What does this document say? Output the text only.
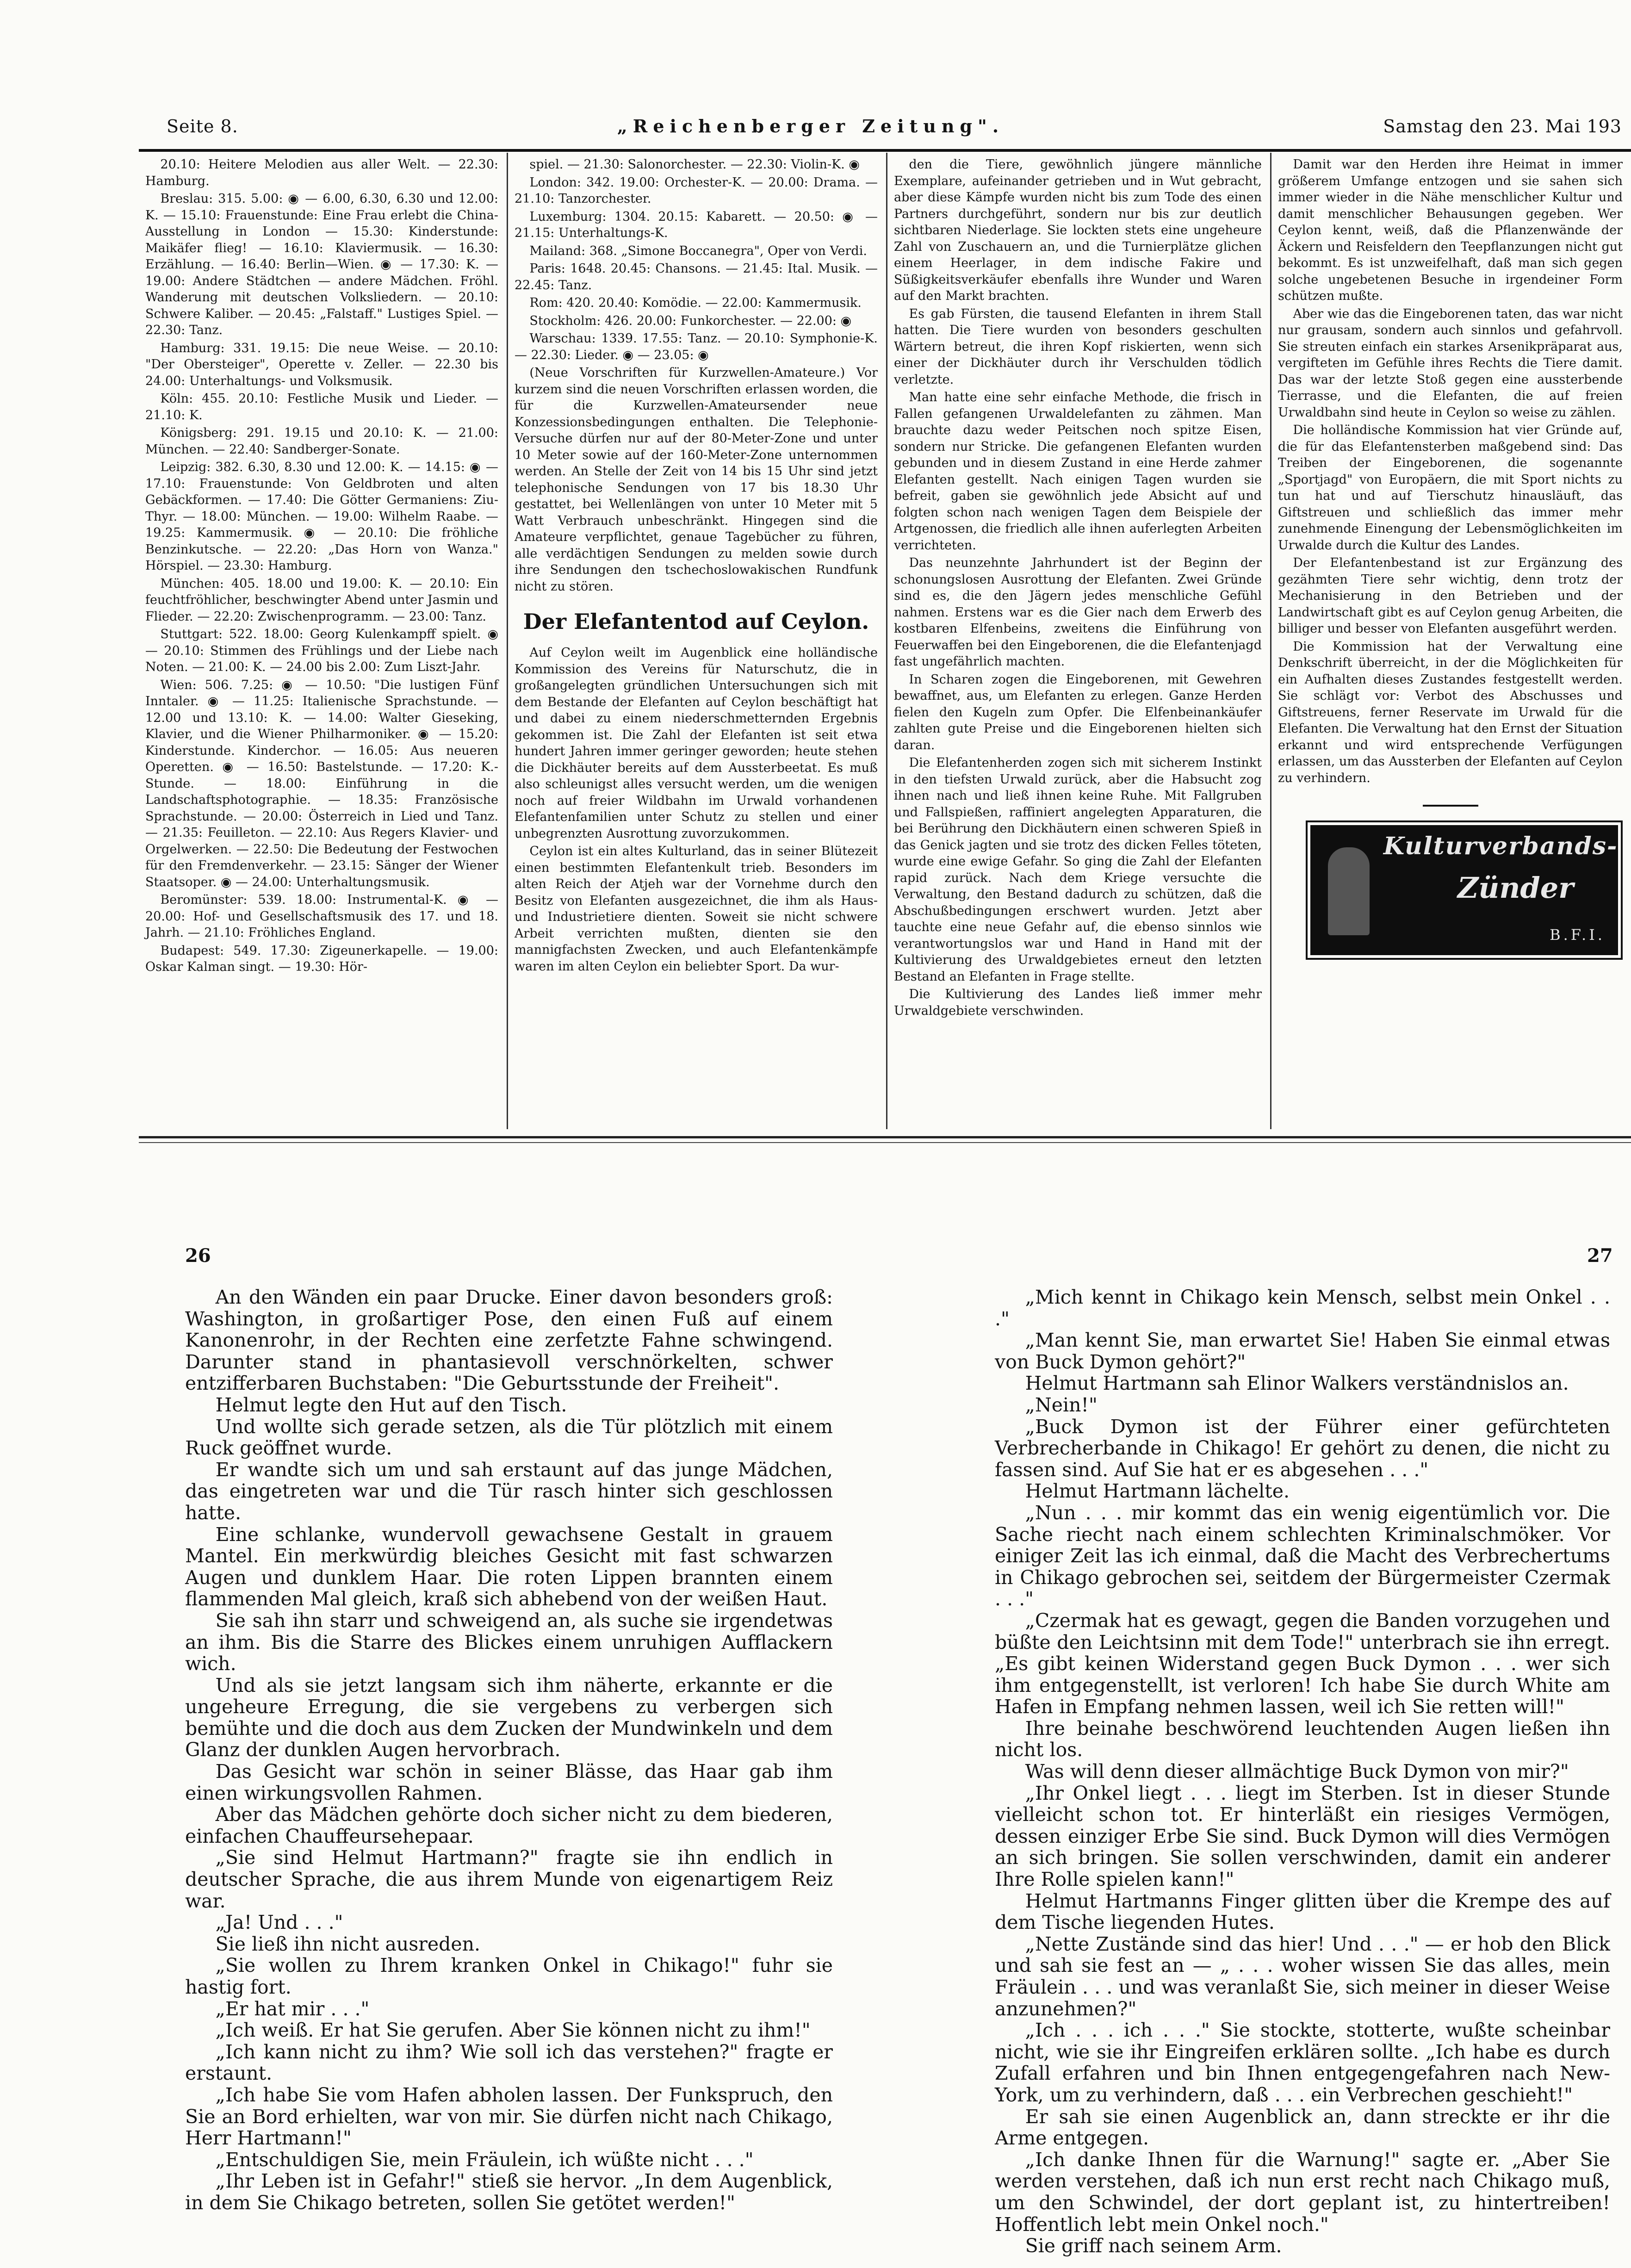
Seite 8.	„Reichenberger Zeitung".	Samstag den 23. Mai 193

20.10: Heitere Melodien aus aller Welt. — 22.30: Hamburg.

Breslau: 315. 5.00: ◉ — 6.00, 6.30, 6.30 und 12.00: K. — 15.10: Frauenstunde: Eine Frau erlebt die China-Ausstellung in London — 15.30: Kinderstunde: Maikäfer flieg! — 16.10: Klaviermusik. — 16.30: Erzählung. — 16.40: Berlin—Wien. ◉ — 17.30: K. — 19.00: Andere Städtchen — andere Mädchen. Fröhl. Wanderung mit deutschen Volksliedern. — 20.10: Schwere Kaliber. — 20.45: „Falstaff." Lustiges Spiel. — 22.30: Tanz.

Hamburg: 331. 19.15: Die neue Weise. — 20.10: "Der Obersteiger", Operette v. Zeller. — 22.30 bis 24.00: Unterhaltungs- und Volksmusik.

Köln: 455. 20.10: Festliche Musik und Lieder. — 21.10: K.

Königsberg: 291. 19.15 und 20.10: K. — 21.00: München. — 22.40: Sandberger-Sonate.

Leipzig: 382. 6.30, 8.30 und 12.00: K. — 14.15: ◉ — 17.10: Frauenstunde: Von Geldbroten und alten Gebäckformen. — 17.40: Die Götter Germaniens: Ziu-Thyr. — 18.00: München. — 19.00: Wilhelm Raabe. — 19.25: Kammermusik. ◉ — 20.10: Die fröhliche Benzinkutsche. — 22.20: „Das Horn von Wanza." Hörspiel. — 23.30: Hamburg.

München: 405. 18.00 und 19.00: K. — 20.10: Ein feuchtfröhlicher, beschwingter Abend unter Jasmin und Flieder. — 22.20: Zwischenprogramm. — 23.00: Tanz.

Stuttgart: 522. 18.00: Georg Kulenkampff spielt. ◉ — 20.10: Stimmen des Frühlings und der Liebe nach Noten. — 21.00: K. — 24.00 bis 2.00: Zum Liszt-Jahr.

Wien: 506. 7.25: ◉ — 10.50: "Die lustigen Fünf Inntaler. ◉ — 11.25: Italienische Sprachstunde. — 12.00 und 13.10: K. — 14.00: Walter Gieseking, Klavier, und die Wiener Philharmoniker. ◉ — 15.20: Kinderstunde. Kinderchor. — 16.05: Aus neueren Operetten. ◉ — 16.50: Bastelstunde. — 17.20: K.-Stunde. — 18.00: Einführung in die Landschaftsphotographie. — 18.35: Französische Sprachstunde. — 20.00: Österreich in Lied und Tanz. — 21.35: Feuilleton. — 22.10: Aus Regers Klavier- und Orgelwerken. — 22.50: Die Bedeutung der Festwochen für den Fremdenverkehr. — 23.15: Sänger der Wiener Staatsoper. ◉ — 24.00: Unterhaltungsmusik.

Beromünster: 539. 18.00: Instrumental-K. ◉ — 20.00: Hof- und Gesellschaftsmusik des 17. und 18. Jahrh. — 21.10: Fröhliches England.

Budapest: 549. 17.30: Zigeunerkapelle. — 19.00: Oskar Kalman singt. — 19.30: Hör-

spiel. — 21.30: Salonorchester. — 22.30: Violin-K. ◉

London: 342. 19.00: Orchester-K. — 20.00: Drama. — 21.10: Tanzorchester.

Luxemburg: 1304. 20.15: Kabarett. — 20.50: ◉ — 21.15: Unterhaltungs-K.

Mailand: 368. „Simone Boccanegra", Oper von Verdi.

Paris: 1648. 20.45: Chansons. — 21.45: Ital. Musik. — 22.45: Tanz.

Rom: 420. 20.40: Komödie. — 22.00: Kammermusik.

Stockholm: 426. 20.00: Funkorchester. — 22.00: ◉

Warschau: 1339. 17.55: Tanz. — 20.10: Symphonie-K. — 22.30: Lieder. ◉ — 23.05: ◉

(Neue Vorschriften für Kurzwellen-Amateure.) Vor kurzem sind die neuen Vorschriften erlassen worden, die für die Kurzwellen-Amateursender neue Konzessionsbedingungen enthalten. Die Telephonie-Versuche dürfen nur auf der 80-Meter-Zone und unter 10 Meter sowie auf der 160-Meter-Zone unternommen werden. An Stelle der Zeit von 14 bis 15 Uhr sind jetzt telephonische Sendungen von 17 bis 18.30 Uhr gestattet, bei Wellenlängen von unter 10 Meter mit 5 Watt Verbrauch unbeschränkt. Hingegen sind die Amateure verpflichtet, genaue Tagebücher zu führen, alle verdächtigen Sendungen zu melden sowie durch ihre Sendungen den tschechoslowakischen Rundfunk nicht zu stören.

Der Elefantentod auf Ceylon.

Auf Ceylon weilt im Augenblick eine holländische Kommission des Vereins für Naturschutz, die in großangelegten gründlichen Untersuchungen sich mit dem Bestande der Elefanten auf Ceylon beschäftigt hat und dabei zu einem niederschmetternden Ergebnis gekommen ist. Die Zahl der Elefanten ist seit etwa hundert Jahren immer geringer geworden; heute stehen die Dickhäuter bereits auf dem Aussterbeetat. Es muß also schleunigst alles versucht werden, um die wenigen noch auf freier Wildbahn im Urwald vorhandenen Elefantenfamilien unter Schutz zu stellen und einer unbegrenzten Ausrottung zuvorzukommen.

Ceylon ist ein altes Kulturland, das in seiner Blütezeit einen bestimmten Elefantenkult trieb. Besonders im alten Reich der Atjeh war der Vornehme durch den Besitz von Elefanten ausgezeichnet, die ihm als Haus- und Industrietiere dienten. Soweit sie nicht schwere Arbeit verrichten mußten, dienten sie den mannigfachsten Zwecken, und auch Elefantenkämpfe waren im alten Ceylon ein beliebter Sport. Da wur-

den die Tiere, gewöhnlich jüngere männliche Exemplare, aufeinander getrieben und in Wut gebracht, aber diese Kämpfe wurden nicht bis zum Tode des einen Partners durchgeführt, sondern nur bis zur deutlich sichtbaren Niederlage. Sie lockten stets eine ungeheure Zahl von Zuschauern an, und die Turnierplätze glichen einem Heerlager, in dem indische Fakire und Süßigkeitsverkäufer ebenfalls ihre Wunder und Waren auf den Markt brachten.

Es gab Fürsten, die tausend Elefanten in ihrem Stall hatten. Die Tiere wurden von besonders geschulten Wärtern betreut, die ihren Kopf riskierten, wenn sich einer der Dickhäuter durch ihr Verschulden tödlich verletzte.

Man hatte eine sehr einfache Methode, die frisch in Fallen gefangenen Urwaldelefanten zu zähmen. Man brauchte dazu weder Peitschen noch spitze Eisen, sondern nur Stricke. Die gefangenen Elefanten wurden gebunden und in diesem Zustand in eine Herde zahmer Elefanten gestellt. Nach einigen Tagen wurden sie befreit, gaben sie gewöhnlich jede Absicht auf und folgten schon nach wenigen Tagen dem Beispiele der Artgenossen, die friedlich alle ihnen auferlegten Arbeiten verrichteten.

Das neunzehnte Jahrhundert ist der Beginn der schonungslosen Ausrottung der Elefanten. Zwei Gründe sind es, die den Jägern jedes menschliche Gefühl nahmen. Erstens war es die Gier nach dem Erwerb des kostbaren Elfenbeins, zweitens die Einführung von Feuerwaffen bei den Eingeborenen, die die Elefantenjagd fast ungefährlich machten.

In Scharen zogen die Eingeborenen, mit Gewehren bewaffnet, aus, um Elefanten zu erlegen. Ganze Herden fielen den Kugeln zum Opfer. Die Elfenbeinankäufer zahlten gute Preise und die Eingeborenen hielten sich daran.

Die Elefantenherden zogen sich mit sicherem Instinkt in den tiefsten Urwald zurück, aber die Habsucht zog ihnen nach und ließ ihnen keine Ruhe. Mit Fallgruben und Fallspießen, raffiniert angelegten Apparaturen, die bei Berührung den Dickhäutern einen schweren Spieß in das Genick jagten und sie trotz des dicken Felles töteten, wurde eine ewige Gefahr. So ging die Zahl der Elefanten rapid zurück. Nach dem Kriege versuchte die Verwaltung, den Bestand dadurch zu schützen, daß die Abschußbedingungen erschwert wurden. Jetzt aber tauchte eine neue Gefahr auf, die ebenso sinnlos wie verantwortungslos war und Hand in Hand mit der Kultivierung des Urwaldgebietes erneut den letzten Bestand an Elefanten in Frage stellte.

Die Kultivierung des Landes ließ immer mehr Urwaldgebiete verschwinden.

Damit war den Herden ihre Heimat in immer größerem Umfange entzogen und sie sahen sich immer wieder in die Nähe menschlicher Kultur und damit menschlicher Behausungen gegeben. Wer Ceylon kennt, weiß, daß die Pflanzenwände der Äckern und Reisfeldern den Teepflanzungen nicht gut bekommt. Es ist unzweifelhaft, daß man sich gegen solche ungebetenen Besuche in irgendeiner Form schützen mußte.

Aber wie das die Eingeborenen taten, das war nicht nur grausam, sondern auch sinnlos und gefahrvoll. Sie streuten einfach ein starkes Arsenikpräparat aus, vergifteten im Gefühle ihres Rechts die Tiere damit. Das war der letzte Stoß gegen eine aussterbende Tierrasse, und die Elefanten, die auf freien Urwaldbahn sind heute in Ceylon so weise zu zählen.

Die holländische Kommission hat vier Gründe auf, die für das Elefantensterben maßgebend sind: Das Treiben der Eingeborenen, die sogenannte „Sportjagd" von Europäern, die mit Sport nichts zu tun hat und auf Tierschutz hinausläuft, das Giftstreuen und schließlich das immer mehr zunehmende Einengung der Lebensmöglichkeiten im Urwalde durch die Kultur des Landes.

Der Elefantenbestand ist zur Ergänzung des gezähmten Tiere sehr wichtig, denn trotz der Mechanisierung in den Betrieben und der Landwirtschaft gibt es auf Ceylon genug Arbeiten, die billiger und besser von Elefanten ausgeführt werden.

Die Kommission hat der Verwaltung eine Denkschrift überreicht, in der die Möglichkeiten für ein Aufhalten dieses Zustandes festgestellt werden. Sie schlägt vor: Verbot des Abschusses und Giftstreuens, ferner Reservate im Urwald für die Elefanten. Die Verwaltung hat den Ernst der Situation erkannt und wird entsprechende Verfügungen erlassen, um das Aussterben der Elefanten auf Ceylon zu verhindern.

Kulturverbands-
Zünder
B.F.I.
26	27

An den Wänden ein paar Drucke. Einer davon besonders groß: Washington, in großartiger Pose, den einen Fuß auf einem Kanonenrohr, in der Rechten eine zerfetzte Fahne schwingend. Darunter stand in phantasievoll verschnörkelten, schwer entzifferbaren Buchstaben: "Die Geburtsstunde der Freiheit".

Helmut legte den Hut auf den Tisch.

Und wollte sich gerade setzen, als die Tür plötzlich mit einem Ruck geöffnet wurde.

Er wandte sich um und sah erstaunt auf das junge Mädchen, das eingetreten war und die Tür rasch hinter sich geschlossen hatte.

Eine schlanke, wundervoll gewachsene Gestalt in grauem Mantel. Ein merkwürdig bleiches Gesicht mit fast schwarzen Augen und dunklem Haar. Die roten Lippen brannten einem flammenden Mal gleich, kraß sich abhebend von der weißen Haut.

Sie sah ihn starr und schweigend an, als suche sie irgendetwas an ihm. Bis die Starre des Blickes einem unruhigen Aufflackern wich.

Und als sie jetzt langsam sich ihm näherte, erkannte er die ungeheure Erregung, die sie vergebens zu verbergen sich bemühte und die doch aus dem Zucken der Mundwinkeln und dem Glanz der dunklen Augen hervorbrach.

Das Gesicht war schön in seiner Blässe, das Haar gab ihm einen wirkungsvollen Rahmen.

Aber das Mädchen gehörte doch sicher nicht zu dem biederen, einfachen Chauffeursehepaar.

„Sie sind Helmut Hartmann?" fragte sie ihn endlich in deutscher Sprache, die aus ihrem Munde von eigenartigem Reiz war.

„Ja! Und . . ."

Sie ließ ihn nicht ausreden.

„Sie wollen zu Ihrem kranken Onkel in Chikago!" fuhr sie hastig fort.

„Er hat mir . . ."

„Ich weiß. Er hat Sie gerufen. Aber Sie können nicht zu ihm!"

„Ich kann nicht zu ihm? Wie soll ich das verstehen?" fragte er erstaunt.

„Ich habe Sie vom Hafen abholen lassen. Der Funkspruch, den Sie an Bord erhielten, war von mir. Sie dürfen nicht nach Chikago, Herr Hartmann!"

„Entschuldigen Sie, mein Fräulein, ich wüßte nicht . . ."

„Ihr Leben ist in Gefahr!" stieß sie hervor. „In dem Augenblick, in dem Sie Chikago betreten, sollen Sie getötet werden!"

„Mich kennt in Chikago kein Mensch, selbst mein Onkel . . ."

„Man kennt Sie, man erwartet Sie! Haben Sie einmal etwas von Buck Dymon gehört?"

Helmut Hartmann sah Elinor Walkers verständnislos an.

„Nein!"

„Buck Dymon ist der Führer einer gefürchteten Verbrecherbande in Chikago! Er gehört zu denen, die nicht zu fassen sind. Auf Sie hat er es abgesehen . . ."

Helmut Hartmann lächelte.

„Nun . . . mir kommt das ein wenig eigentümlich vor. Die Sache riecht nach einem schlechten Kriminalschmöker. Vor einiger Zeit las ich einmal, daß die Macht des Verbrechertums in Chikago gebrochen sei, seitdem der Bürgermeister Czermak . . ."

„Czermak hat es gewagt, gegen die Banden vorzugehen und büßte den Leichtsinn mit dem Tode!" unterbrach sie ihn erregt. „Es gibt keinen Widerstand gegen Buck Dymon . . . wer sich ihm entgegenstellt, ist verloren! Ich habe Sie durch White am Hafen in Empfang nehmen lassen, weil ich Sie retten will!"

Ihre beinahe beschwörend leuchtenden Augen ließen ihn nicht los.

Was will denn dieser allmächtige Buck Dymon von mir?"

„Ihr Onkel liegt . . . liegt im Sterben. Ist in dieser Stunde vielleicht schon tot. Er hinterläßt ein riesiges Vermögen, dessen einziger Erbe Sie sind. Buck Dymon will dies Vermögen an sich bringen. Sie sollen verschwinden, damit ein anderer Ihre Rolle spielen kann!"

Helmut Hartmanns Finger glitten über die Krempe des auf dem Tische liegenden Hutes.

„Nette Zustände sind das hier! Und . . ." — er hob den Blick und sah sie fest an — „ . . . woher wissen Sie das alles, mein Fräulein . . . und was veranlaßt Sie, sich meiner in dieser Weise anzunehmen?"

„Ich . . . ich . . ." Sie stockte, stotterte, wußte scheinbar nicht, wie sie ihr Eingreifen erklären sollte. „Ich habe es durch Zufall erfahren und bin Ihnen entgegengefahren nach New-York, um zu verhindern, daß . . . ein Verbrechen geschieht!"

Er sah sie einen Augenblick an, dann streckte er ihr die Arme entgegen.

„Ich danke Ihnen für die Warnung!" sagte er. „Aber Sie werden verstehen, daß ich nun erst recht nach Chikago muß, um den Schwindel, der dort geplant ist, zu hintertreiben! Hoffentlich lebt mein Onkel noch."

Sie griff nach seinem Arm.
